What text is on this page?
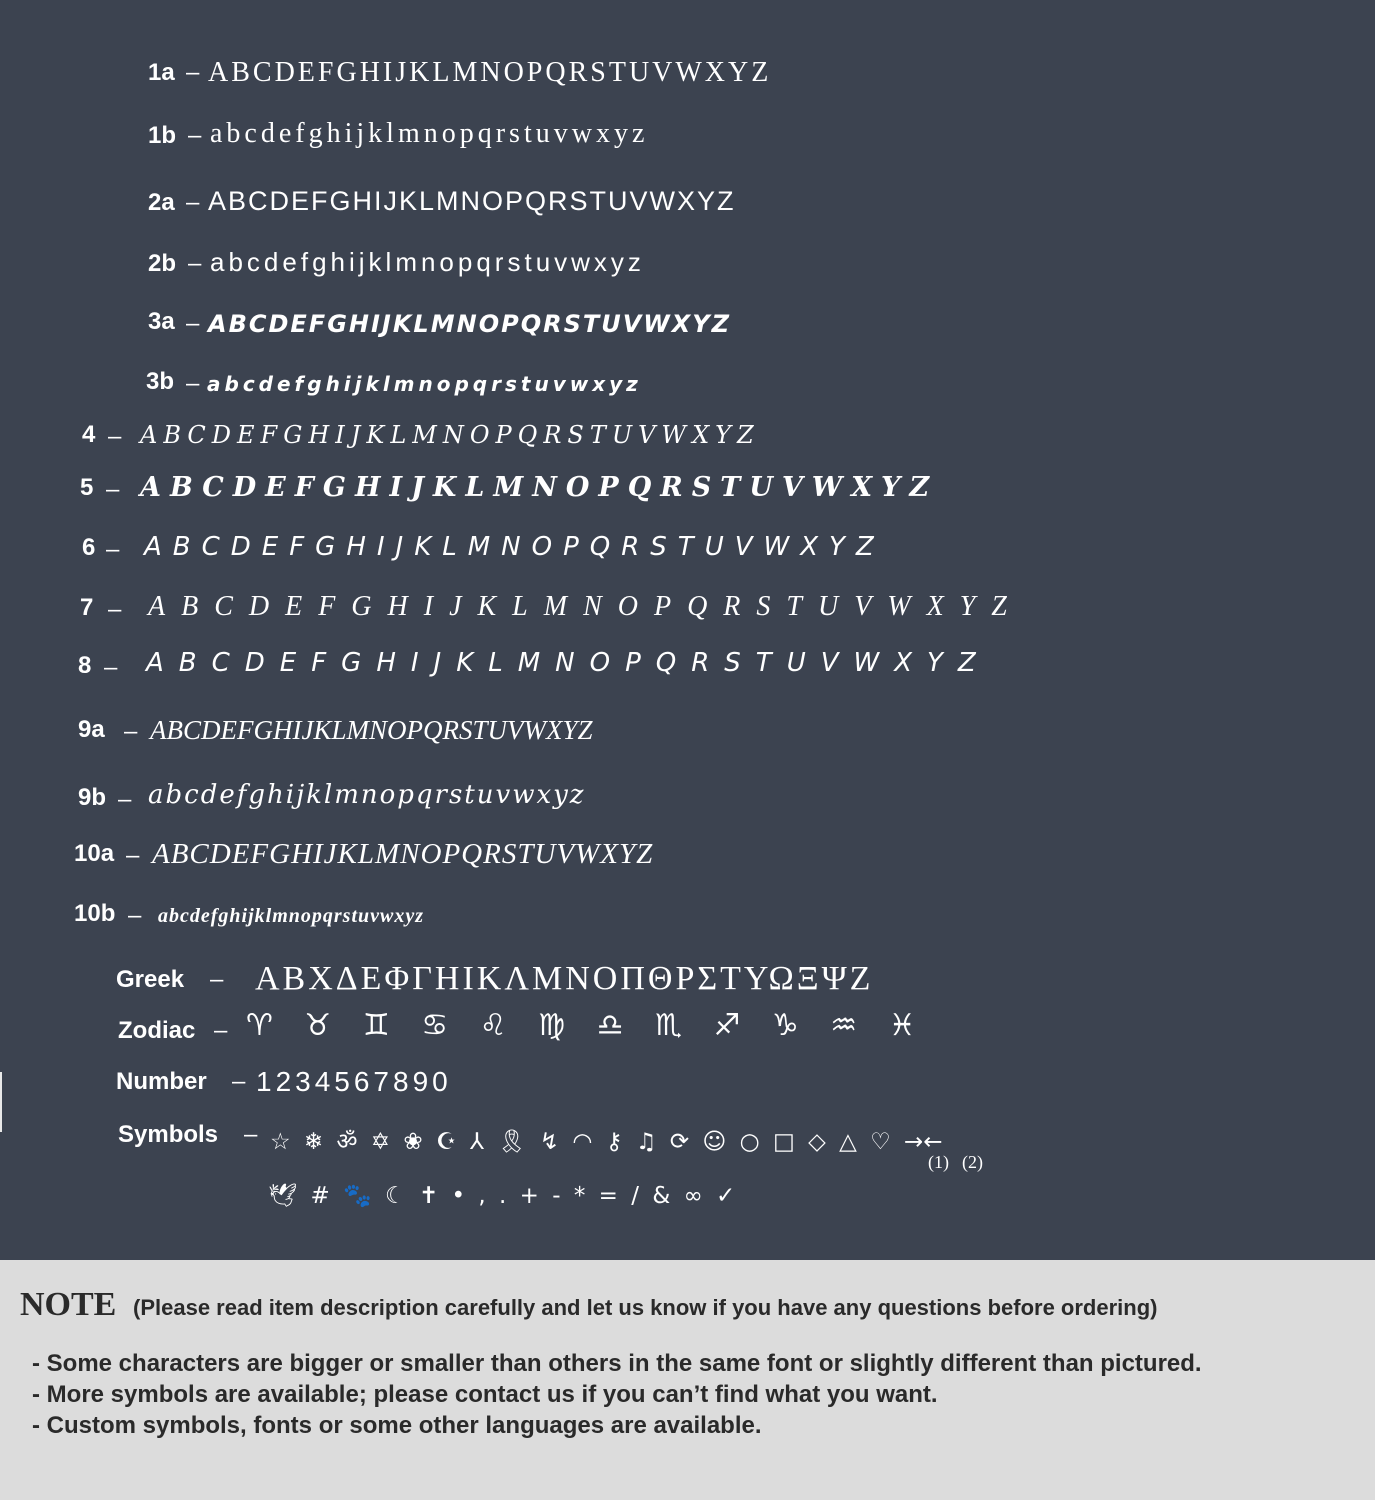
1a – ABCDEFGHIJKLMNOPQRSTUVWXYZ
1b – abcdefghijklmnopqrstuvwxyz
2a – ABCDEFGHIJKLMNOPQRSTUVWXYZ
2b – abcdefghijklmnopqrstuvwxyz
3a – ABCDEFGHIJKLMNOPQRSTUVWXYZ
3b – abcdefghijklmnopqrstuvwxyz
4 – ABCDEFGHIJKLMNOPQRSTUVWXYZ
5 – ABCDEFGHIJKLMNOPQRSTUVWXYZ
6 – ABCDEFGHIJKLMNOPQRSTUVWXYZ
7 – ABCDEFGHIJKLMNOPQRSTUVWXYZ
8 – ABCDEFGHIJKLMNOPQRSTUVWXYZ
9a – ABCDEFGHIJKLMNOPQRSTUVWXYZ
9b – abcdefghijklmnopqrstuvwxyz
10a – ABCDEFGHIJKLMNOPQRSTUVWXYZ
10b – abcdefghijklmnopqrstuvwxyz
Greek – ΑΒΧΔΕΦΓΗΙΚΛΜΝΟΠΘΡΣΤΥΩΞΨΖ
Zodiac – ♈ ♉ ♊ ♋ ♌ ♍ ♎ ♏ ♐ ♑ ♒ ♓
Number – 1234567890
Symbols – ☆ ❄ ॐ ✡ ❀ ☪ ⅄ 🎗 ↯ ◠ ⚷ ♫ ⟳ ☺ ○ □ ◇ △ ♡ →←
(1) (2)
🕊 # 🐾 ☾ ✝ • , . + - * = / & ∞ ✓
NOTE (Please read item description carefully and let us know if you have any questions before ordering)
- Some characters are bigger or smaller than others in the same font or slightly different than pictured.
- More symbols are available; please contact us if you can’t find what you want.
- Custom symbols, fonts or some other languages are available.
